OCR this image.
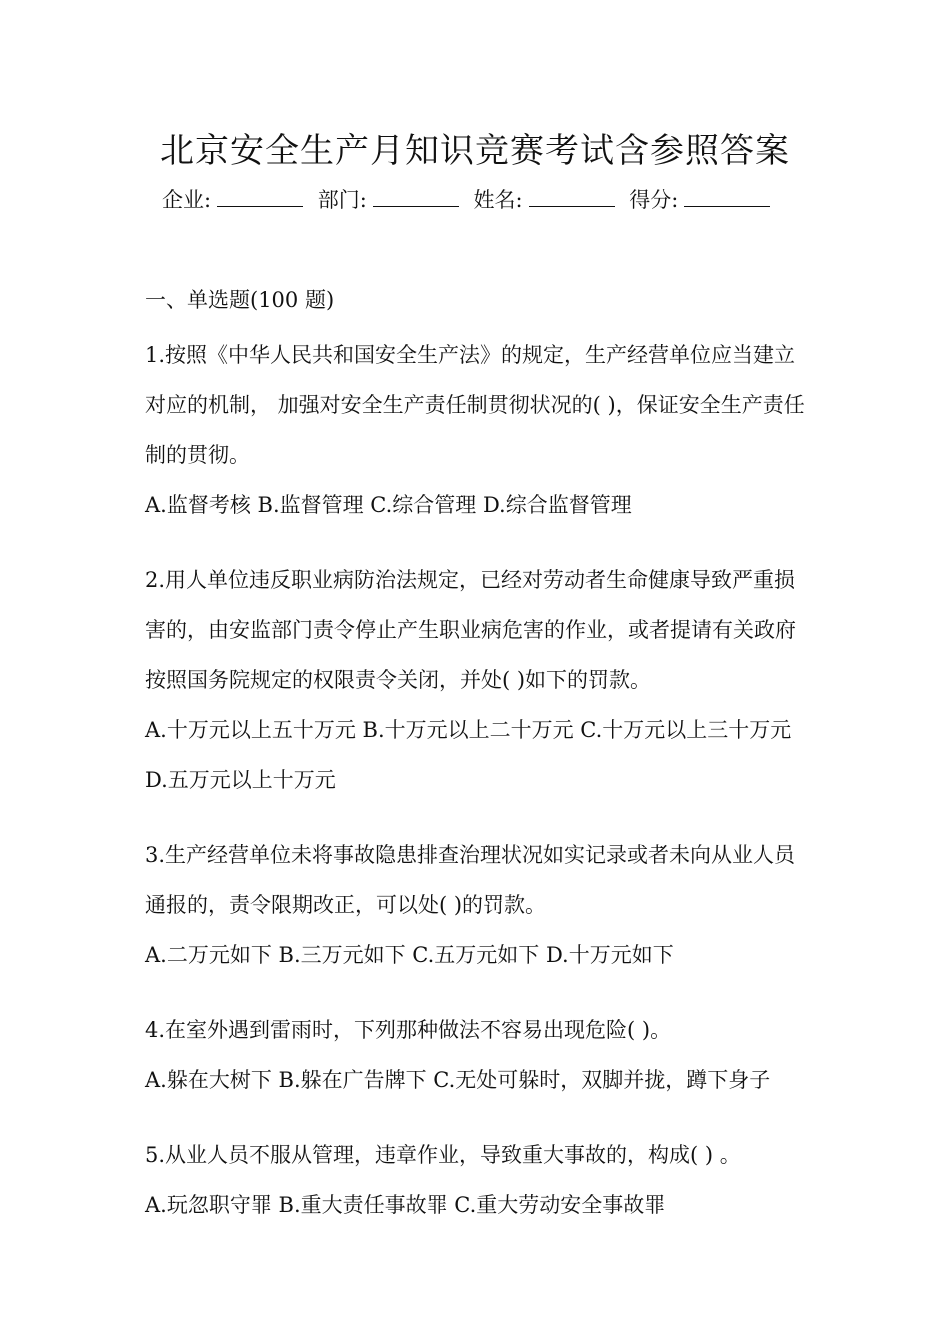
北京安全生产月知识竞赛考试含参照答案
企业:	部门:	姓名:	得分:
一、单选题(100 题)

1.按照《中华人民共和国安全生产法》的规定，生产经营单位应当建立对应的机制， 加强对安全生产责任制贯彻状况的( )，保证安全生产责任制的贯彻。

A.监督考核 B.监督管理 C.综合管理 D.综合监督管理

2.用人单位违反职业病防治法规定，已经对劳动者生命健康导致严重损害的，由安监部门责令停止产生职业病危害的作业，或者提请有关政府按照国务院规定的权限责令关闭，并处( )如下的罚款。

A.十万元以上五十万元 B.十万元以上二十万元 C.十万元以上三十万元 D.五万元以上十万元

3.生产经营单位未将事故隐患排查治理状况如实记录或者未向从业人员通报的，责令限期改正，可以处( )的罚款。

A.二万元如下 B.三万元如下 C.五万元如下 D.十万元如下

4.在室外遇到雷雨时，下列那种做法不容易出现危险( )。

A.躲在大树下 B.躲在广告牌下 C.无处可躲时，双脚并拢，蹲下身子

5.从业人员不服从管理，违章作业，导致重大事故的，构成( ) 。

A.玩忽职守罪 B.重大责任事故罪 C.重大劳动安全事故罪
